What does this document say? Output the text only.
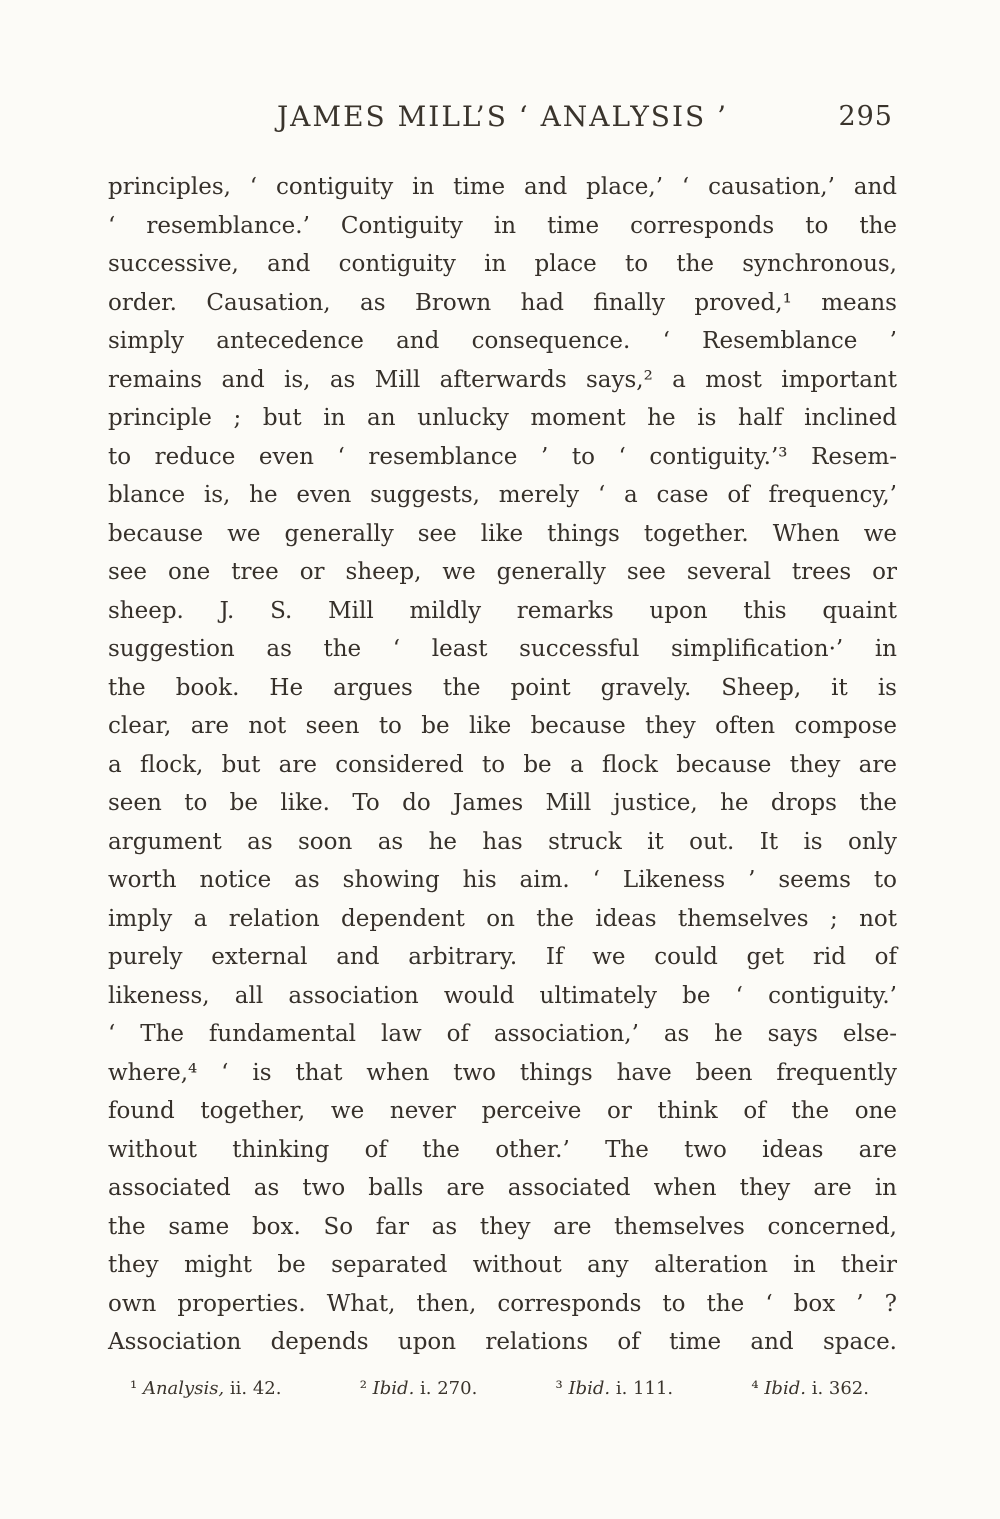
JAMES MILL’S ‘ ANALYSIS ’	295
principles, ‘ contiguity in time and place,’ ‘ causation,’ and
‘ resemblance.’ Contiguity in time corresponds to the
successive, and contiguity in place to the synchronous,
order. Causation, as Brown had finally proved,¹ means
simply antecedence and consequence. ‘ Resemblance ’
remains and is, as Mill afterwards says,² a most important
principle ; but in an unlucky moment he is half inclined
to reduce even ‘ resemblance ’ to ‘ contiguity.’³ Resem-
blance is, he even suggests, merely ‘ a case of frequency,’
because we generally see like things together. When we
see one tree or sheep, we generally see several trees or
sheep. J. S. Mill mildly remarks upon this quaint
suggestion as the ‘ least successful simplification·’ in
the book. He argues the point gravely. Sheep, it is
clear, are not seen to be like because they often compose
a flock, but are considered to be a flock because they are
seen to be like. To do James Mill justice, he drops the
argument as soon as he has struck it out. It is only
worth notice as showing his aim. ‘ Likeness ’ seems to
imply a relation dependent on the ideas themselves ; not
purely external and arbitrary. If we could get rid of
likeness, all association would ultimately be ‘ contiguity.’
‘ The fundamental law of association,’ as he says else-
where,⁴ ‘ is that when two things have been frequently
found together, we never perceive or think of the one
without thinking of the other.’ The two ideas are
associated as two balls are associated when they are in
the same box. So far as they are themselves concerned,
they might be separated without any alteration in their
own properties. What, then, corresponds to the ‘ box ’ ?
Association depends upon relations of time and space.
¹ Analysis, ii. 42.	² Ibid. i. 270.	³ Ibid. i. 111.	⁴ Ibid. i. 362.
